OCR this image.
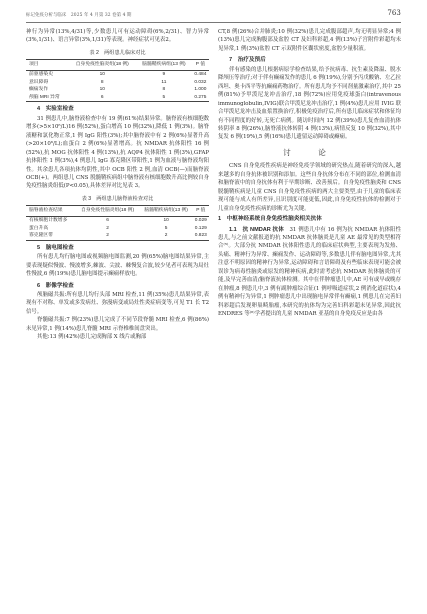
标记免疫分析与临床　2025 年 4 月第 32 卷第 4 期	763

神行为异常(13%,4/31)等,少数患儿可有运动障碍(6%,2/31)、智力异常(3%,1/31)、语言异常(3%,1/31)等表现。神经症状可见表2。

表 2　两组患儿临床对比
项目	自身免疫性脑炎组(18 例)	脑髓鞘疾病组(13 例)	P 值
前驱感染史	10	9	0.484
意识障碍	8	11	0.032
癫痫发作	10	8	1.000
颅脑 MRI 异常	6	5	0.275
4　实验室检查

31 例患儿中,脑脊液检查中有 19 例(61%)结果异常。脑脊液有核细胞数增多(>5×10⁶/L)16 例(52%),蛋白增高 10 例(32%),降低 1 例(3%)。脑脊液糖和氯化物正常,1 例 IgG 阳性(3%);其中脑脊液中有 2 例(6%)显著升高(>20×10⁶/L);血蛋白 2 例(6%)显著增高。抗 NMDAR 抗体阳性 16 例(52%),抗 MOG 抗体阳性 4 例(13%),抗 AQP4 抗体阳性 1 例(3%),GFAP 抗体阳性 1 例(3%),4 例患儿 IgG 寡克隆区带阳性,1 例为血液与脑脊液均阳性。其余患儿各项抗体均阴性,其中 OCB 阳性 2 例,血清 OCB(—)而脑脊液 OCB(+)。两组患儿 CNS 脱髓鞘疾病组中脑脊液有核细胞数升高比例较自身免疫性脑炎组低(P<0.05),具体差异对比见表 3。

表 3　两组患儿脑脊液检查对比
脑脊液检查结果	自身免疫性脑炎组(18 例)	脑髓鞘疾病组(13 例)	P 值
有核细胞计数增多	6	10	0.029
蛋白升高	2	5	0.129
寡克隆区带	2	2	0.823
5　脑电图检查

所有患儿均行脑电图或视频脑电图监测,20 例(65%)脑电图结果异常,主要表现疑似慢波、慢波增多,棘波、尖波、棘慢复合波,较少见者可表现为局灶性慢波,6 例(19%)患儿脑电图提示癫痫样放电。

6　影像学检查

颅脑磁共振:所有患儿均行头部 MRI 检查,11 例(35%)患儿结果异常,表现有不对称、单发或多发病灶、弥漫病变或局灶性炎症病变等,可见 T1 长 T2 信号。

脊髓磁共振:7 例(23%)患儿完成了不同节段脊髓 MRI 检查,6 例(86%)未见异常,1 例(14%)患儿脊髓 MRI 示脊椎椎间盘突出。

其他:13 例(42%)患儿完成胸部 X 线片或胸部

CT,8 例(26%)合并肺炎;10 例(32%)患儿完成腹部超声,均无明显异常;4 例(13%)患儿完成胸腹部及盆腔 CT 及妇科彩超,4 例(13%)子宫附件彩超均未见异常,1 例(3%)盆腔 CT 示双附件区囊状密度,盆腔少量积液。

7　治疗及预后

伴有感染的患儿根据病原学检查结果,给予抗病毒、抗生素及降温、脱水降颅压等治疗;对于伴有癫痫发作的患儿 6 例(19%),分别予丙戊酸钠、左乙拉西坦、奥卡西平等抗癫痫药物治疗。所有患儿均予不同剂量激素治疗,其中 25 例(81%)予甲泼尼龙冲击治疗,18 例(72%)应用免疫球蛋白(intravenous immunoglobulin,IVIG)联合甲泼尼龙冲击治疗,1 例(4%)患儿应用 IVIG 联合甲泼尼龙冲击及血浆置换治疗,积极免疫治疗后,所有患儿临床症状和体征均有不同程度的好转,无死亡病例。随访时间内 12 例(39%)患儿复查血清抗体转阴率 8 例(26%),脑脊液抗体转阴 4 例(13%),病情反复 10 例(32%),其中复发 6 例(19%),5 例(16%)患儿遗留运动障碍或癫痫。

讨　论

CNS 自身免疫性疾病是神经免疫学领域的研究热点,随着研究的深入,越来越多的自身抗体被识别和添加。这些自身抗体分布在不同的部位,检测血清和脑脊液中的自身抗体有利于早期诊断、改善预后。自身免疫性脑炎和 CNS 脱髓鞘疾病是儿童 CNS 自身免疫性疾病的两大主要类型,由于儿童的临床表现可能与成人有所差异,且识别度可能更低,因此,自身免疫性抗体的检测对于儿童自身免疫性疾病的诊断尤为关键。

1　中枢神经系统自身免疫性脑炎相关抗体

1.1　抗 NMDAR 抗体　 31 例患儿中有 16 例为抗 NMDAR 抗体阳性患儿,与之前文献报道的抗 NMDAR 抗体脑炎是儿童 AE 最常见的类型相符合⁽⁵⁾。大部分抗 NMDAR 抗体阳性患儿的临床症状典型,主要表现为发热、头痛、精神行为异常、癫痫发作、运动障碍等,多数患儿伴有脑电图异常,尤其注意不明原因的精神行为异常,运动障碍和言语障碍及有些临床表现可能会被误诊为病毒性脑炎或原发的精神疾病,此时需考虑抗 NMDAR 抗体脑炎的可能,及早完善血清/脑脊液抗体检测。其中在伴肿瘤患儿中,AE 可有或早或晚存在肿瘤,8 例患儿中,3 例有副肿瘤综合征(1 例呼吸道症状,2 例消化道症状),4 例有精神行为异常,1 例肿瘤患儿中出现脑电异常伴有癫痫,1 例患儿在完善妇科彩超后发现卵巢畸胎瘤,本研究的抗体均为完善妇科彩超未见异常,因此抗 ENDRES 等⁽⁶⁾学者提出的儿童 NMDAR 亚基的自身免疫反应是由各
